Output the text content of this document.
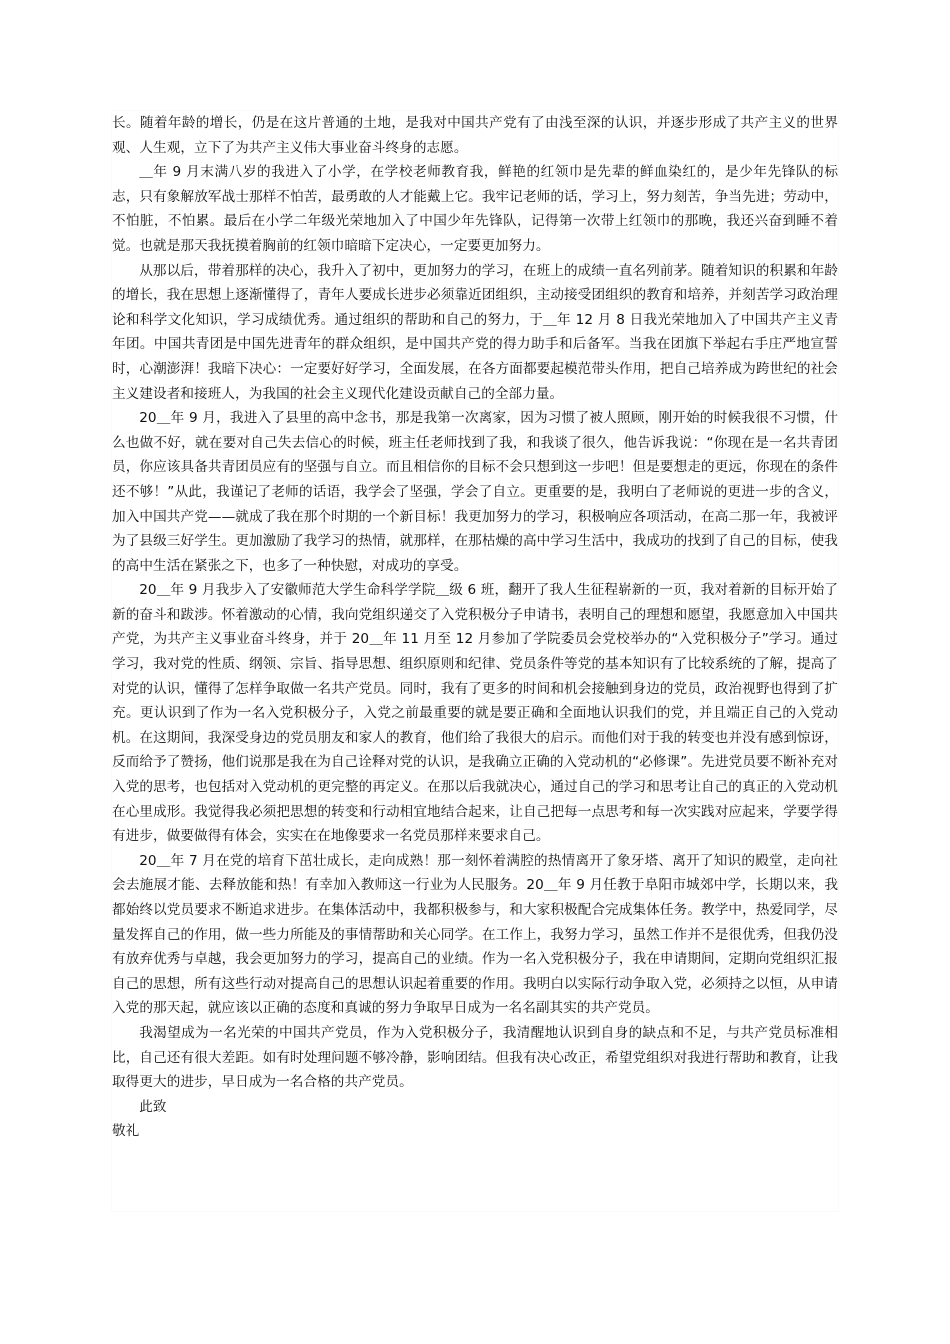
长。随着年龄的增长，仍是在这片普通的土地，是我对中国共产党有了由浅至深的认识，并逐步形成了共产主义的世界观、人生观，立下了为共产主义伟大事业奋斗终身的志愿。

＿年 9 月末满八岁的我进入了小学，在学校老师教育我，鲜艳的红领巾是先辈的鲜血染红的，是少年先锋队的标志，只有象解放军战士那样不怕苦，最勇敢的人才能戴上它。我牢记老师的话，学习上，努力刻苦，争当先进；劳动中，不怕脏，不怕累。最后在小学二年级光荣地加入了中国少年先锋队，记得第一次带上红领巾的那晚，我还兴奋到睡不着觉。也就是那天我抚摸着胸前的红领巾暗暗下定决心，一定要更加努力。

从那以后，带着那样的决心，我升入了初中，更加努力的学习，在班上的成绩一直名列前茅。随着知识的积累和年龄的增长，我在思想上逐渐懂得了，青年人要成长进步必须靠近团组织，主动接受团组织的教育和培养，并刻苦学习政治理论和科学文化知识，学习成绩优秀。通过组织的帮助和自己的努力，于＿年 12 月 8 日我光荣地加入了中国共产主义青年团。中国共青团是中国先进青年的群众组织，是中国共产党的得力助手和后备军。当我在团旗下举起右手庄严地宣誓时，心潮澎湃！我暗下决心：一定要好好学习，全面发展，在各方面都要起模范带头作用，把自己培养成为跨世纪的社会主义建设者和接班人，为我国的社会主义现代化建设贡献自己的全部力量。

20＿年 9 月，我进入了县里的高中念书，那是我第一次离家，因为习惯了被人照顾，刚开始的时候我很不习惯，什么也做不好，就在要对自己失去信心的时候，班主任老师找到了我，和我谈了很久，他告诉我说：“你现在是一名共青团员，你应该具备共青团员应有的坚强与自立。而且相信你的目标不会只想到这一步吧！但是要想走的更远，你现在的条件还不够！”从此，我谨记了老师的话语，我学会了坚强，学会了自立。更重要的是，我明白了老师说的更进一步的含义，加入中国共产党——就成了我在那个时期的一个新目标！我更加努力的学习，积极响应各项活动，在高二那一年，我被评为了县级三好学生。更加激励了我学习的热情，就那样，在那枯燥的高中学习生活中，我成功的找到了自己的目标，使我的高中生活在紧张之下，也多了一种快慰，对成功的享受。

20＿年 9 月我步入了安徽师范大学生命科学学院＿级 6 班，翻开了我人生征程崭新的一页，我对着新的目标开始了新的奋斗和跋涉。怀着激动的心情，我向党组织递交了入党积极分子申请书，表明自己的理想和愿望，我愿意加入中国共产党，为共产主义事业奋斗终身，并于 20＿年 11 月至 12 月参加了学院委员会党校举办的“入党积极分子”学习。通过学习，我对党的性质、纲领、宗旨、指导思想、组织原则和纪律、党员条件等党的基本知识有了比较系统的了解，提高了对党的认识，懂得了怎样争取做一名共产党员。同时，我有了更多的时间和机会接触到身边的党员，政治视野也得到了扩充。更认识到了作为一名入党积极分子，入党之前最重要的就是要正确和全面地认识我们的党，并且端正自己的入党动机。在这期间，我深受身边的党员朋友和家人的教育，他们给了我很大的启示。而他们对于我的转变也并没有感到惊讶，反而给予了赞扬，他们说那是我在为自己诠释对党的认识，是我确立正确的入党动机的“必修课”。先进党员要不断补充对入党的思考，也包括对入党动机的更完整的再定义。在那以后我就决心，通过自己的学习和思考让自己的真正的入党动机在心里成形。我觉得我必须把思想的转变和行动相宜地结合起来，让自己把每一点思考和每一次实践对应起来，学要学得有进步，做要做得有体会，实实在在地像要求一名党员那样来要求自己。

20＿年 7 月在党的培育下茁壮成长，走向成熟！那一刻怀着满腔的热情离开了象牙塔、离开了知识的殿堂，走向社会去施展才能、去释放能和热！有幸加入教师这一行业为人民服务。20＿年 9 月任教于阜阳市城郊中学，长期以来，我都始终以党员要求不断追求进步。在集体活动中，我都积极参与，和大家积极配合完成集体任务。教学中，热爱同学，尽量发挥自己的作用，做一些力所能及的事情帮助和关心同学。在工作上，我努力学习，虽然工作并不是很优秀，但我仍没有放弃优秀与卓越，我会更加努力的学习，提高自己的业绩。作为一名入党积极分子，我在申请期间，定期向党组织汇报自己的思想，所有这些行动对提高自己的思想认识起着重要的作用。我明白以实际行动争取入党，必须持之以恒，从申请入党的那天起，就应该以正确的态度和真诚的努力争取早日成为一名名副其实的共产党员。

我渴望成为一名光荣的中国共产党员，作为入党积极分子，我清醒地认识到自身的缺点和不足，与共产党员标准相比，自己还有很大差距。如有时处理问题不够冷静，影响团结。但我有决心改正，希望党组织对我进行帮助和教育，让我取得更大的进步，早日成为一名合格的共产党员。

此致

敬礼
